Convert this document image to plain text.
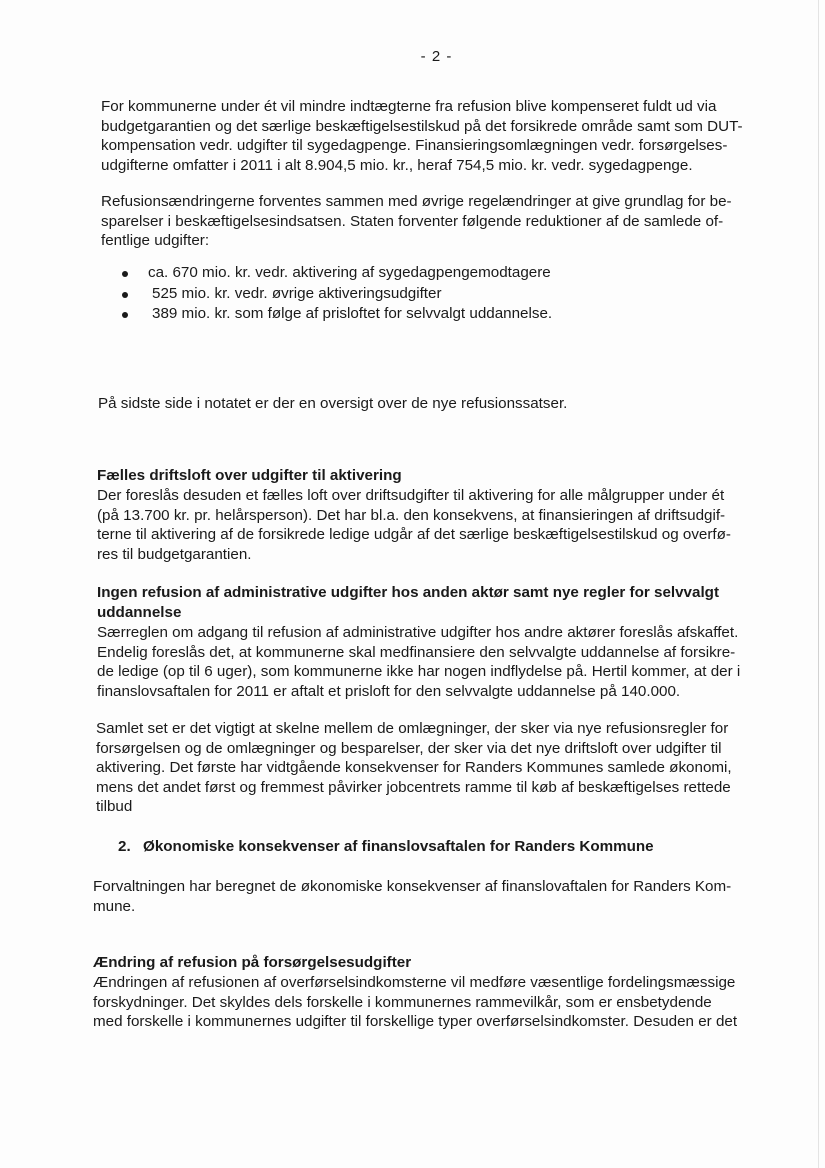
- 2 -
For kommunerne under ét vil mindre indtægterne fra refusion blive kompenseret fuldt ud via
budgetgarantien og det særlige beskæftigelsestilskud på det forsikrede område samt som DUT-
kompensation vedr. udgifter til sygedagpenge. Finansieringsomlægningen vedr. forsørgelses-
udgifterne omfatter i 2011 i alt 8.904,5 mio. kr., heraf 754,5 mio. kr. vedr. sygedagpenge.
Refusionsændringerne forventes sammen med øvrige regelændringer at give grundlag for be-
sparelser i beskæftigelsesindsatsen. Staten forventer følgende reduktioner af de samlede of-
fentlige udgifter:
ca. 670 mio. kr. vedr. aktivering af sygedagpengemodtagere
525 mio. kr. vedr. øvrige aktiveringsudgifter
389 mio. kr. som følge af prisloftet for selvvalgt uddannelse.
På sidste side i notatet er der en oversigt over de nye refusionssatser.
Fælles driftsloft over udgifter til aktivering
Der foreslås desuden et fælles loft over driftsudgifter til aktivering for alle målgrupper under ét
(på 13.700 kr. pr. helårsperson). Det har bl.a. den konsekvens, at finansieringen af driftsudgif-
terne til aktivering af de forsikrede ledige udgår af det særlige beskæftigelsestilskud og overfø-
res til budgetgarantien.
Ingen refusion af administrative udgifter hos anden aktør samt nye regler for selvvalgt
uddannelse
Særreglen om adgang til refusion af administrative udgifter hos andre aktører foreslås afskaffet.
Endelig foreslås det, at kommunerne skal medfinansiere den selvvalgte uddannelse af forsikre-
de ledige (op til 6 uger), som kommunerne ikke har nogen indflydelse på. Hertil kommer, at der i
finanslovsaftalen for 2011 er aftalt et prisloft for den selvvalgte uddannelse på 140.000.
Samlet set er det vigtigt at skelne mellem de omlægninger, der sker via nye refusionsregler for
forsørgelsen og de omlægninger og besparelser, der sker via det nye driftsloft over udgifter til
aktivering. Det første har vidtgående konsekvenser for Randers Kommunes samlede økonomi,
mens det andet først og fremmest påvirker jobcentrets ramme til køb af beskæftigelses rettede
tilbud
2. Økonomiske konsekvenser af finanslovsaftalen for Randers Kommune
Forvaltningen har beregnet de økonomiske konsekvenser af finanslovaftalen for Randers Kom-
mune.
Ændring af refusion på forsørgelsesudgifter
Ændringen af refusionen af overførselsindkomsterne vil medføre væsentlige fordelingsmæssige
forskydninger. Det skyldes dels forskelle i kommunernes rammevilkår, som er ensbetydende
med forskelle i kommunernes udgifter til forskellige typer overførselsindkomster. Desuden er det
